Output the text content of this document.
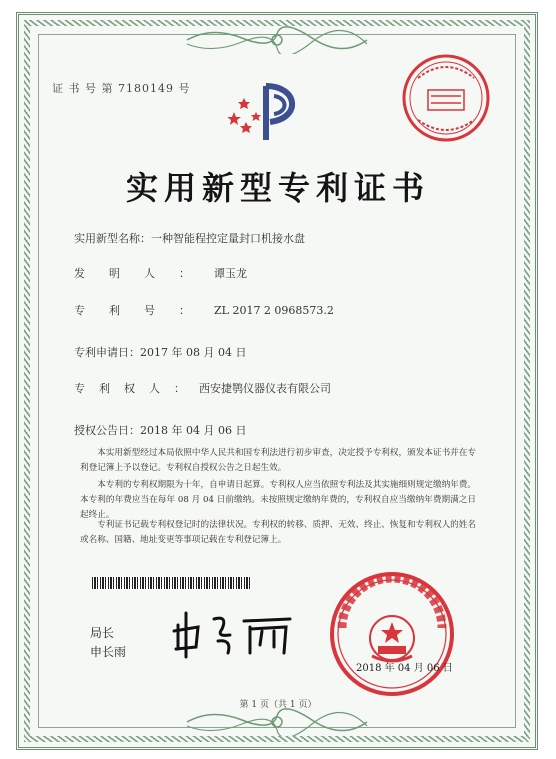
证 书 号 第 7180149 号
实用新型专利证书
实用新型名称：一种智能程控定量封口机接水盘
发明人：谭玉龙
专利号：ZL 2017 2 0968573.2
专利申请日：2017 年 08 月 04 日
专利权人：西安捷鹗仪器仪表有限公司
授权公告日：2018 年 04 月 06 日

本实用新型经过本局依照中华人民共和国专利法进行初步审查，决定授予专利权，颁发本证书并在专利登记簿上予以登记。专利权自授权公告之日起生效。

本专利的专利权期限为十年，自申请日起算。专利权人应当依照专利法及其实施细则规定缴纳年费。本专利的年费应当在每年 08 月 04 日前缴纳。未按照规定缴纳年费的，专利权自应当缴纳年费期满之日起终止。

专利证书记载专利权登记时的法律状况。专利权的转移、质押、无效、终止、恢复和专利权人的姓名或名称、国籍、地址变更等事项记载在专利登记簿上。

局长
申长雨
2018 年 04 月 06 日
第 1 页（共 1 页）
